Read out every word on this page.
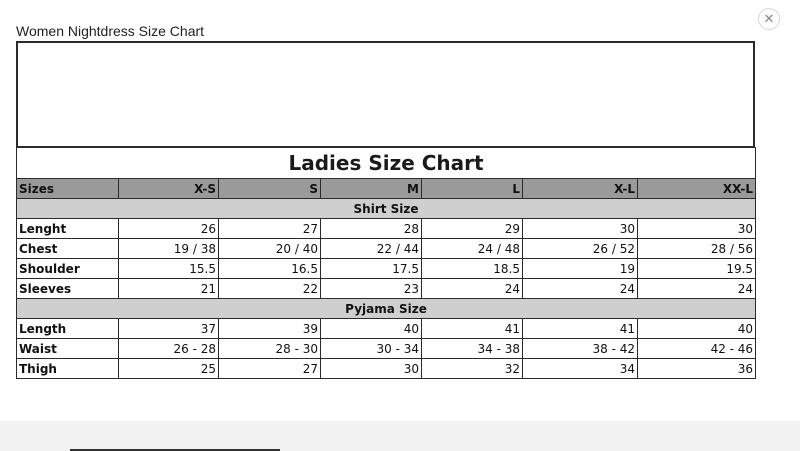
Women Nightdress Size Chart
✕
Ladies Size Chart						
Sizes	X-S	S	M	L	X-L	XX-L
Shirt Size						
Lenght	26	27	28	29	30	30
Chest	19 / 38	20 / 40	22 / 44	24 / 48	26 / 52	28 / 56
Shoulder	15.5	16.5	17.5	18.5	19	19.5
Sleeves	21	22	23	24	24	24
Pyjama Size						
Length	37	39	40	41	41	40
Waist	26 - 28	28 - 30	30 - 34	34 - 38	38 - 42	42 - 46
Thigh	25	27	30	32	34	36
